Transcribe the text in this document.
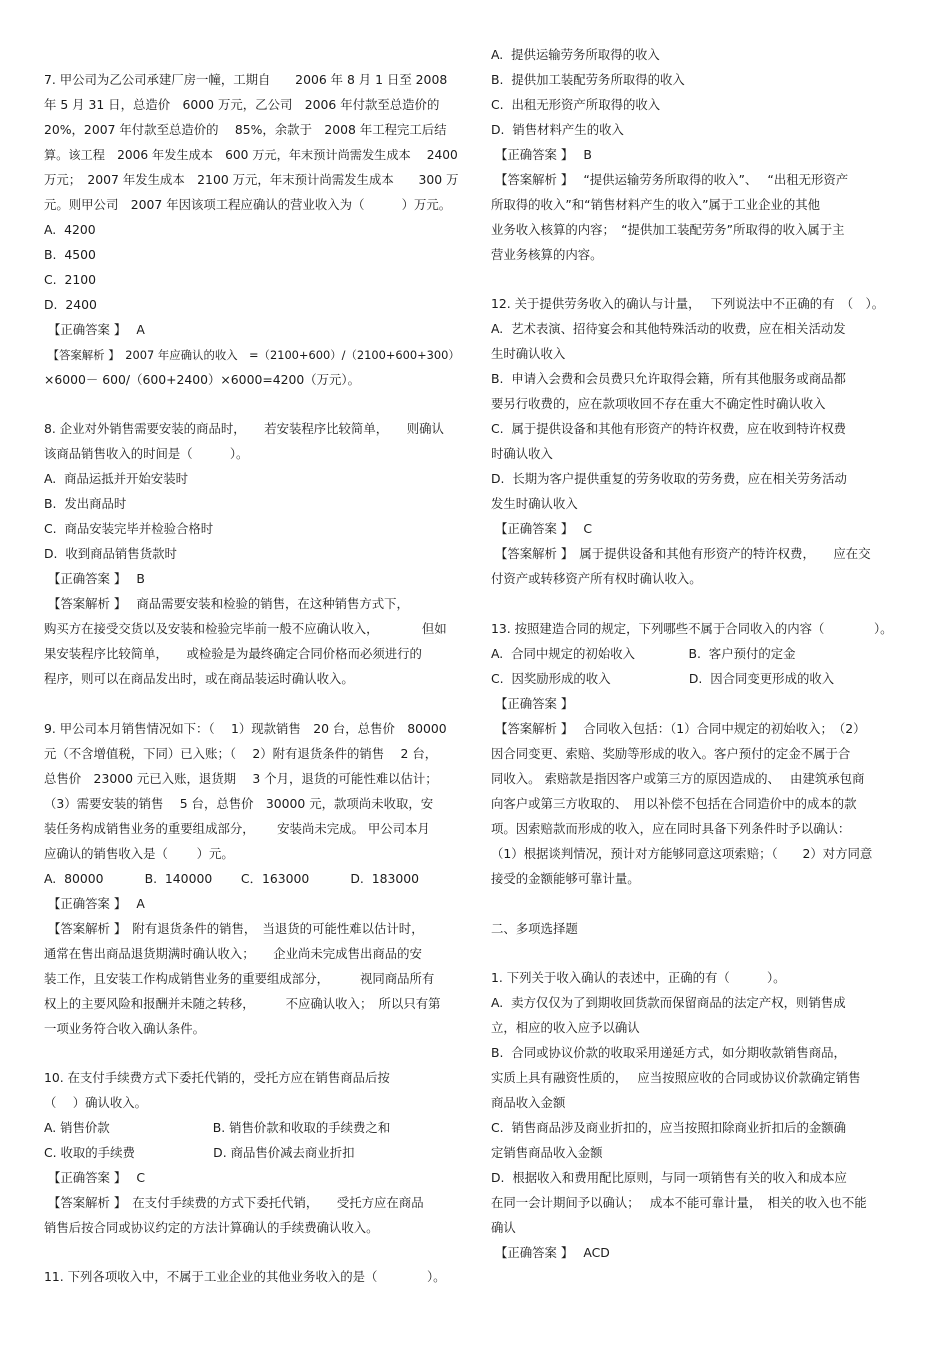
7. 甲公司为乙公司承建厂房一幢，工期自　　2006 年 8 月 1 日至 2008
年 5 月 31 日，总造价　6000 万元，乙公司　2006 年付款至总造价的
20%，2007 年付款至总造价的　 85%，余款于　2008 年工程完工后结
算。该工程　2006 年发生成本　600 万元，年末预计尚需发生成本　 2400
万元；　2007 年发生成本　2100 万元，年末预计尚需发生成本　　300 万
元。则甲公司　2007 年因该项工程应确认的营业收入为（　　　）万元。
A.  4200
B.  4500
C.  2100
D.  2400
【正确答案 】　 A
【答案解析 】　2007 年应确认的收入　=（2100+600）/（2100+600+300）
×6000－ 600/（600+2400）×6000=4200（万元）。
8. 企业对外销售需要安装的商品时，　　若安装程序比较简单，　　则确认
该商品销售收入的时间是（　　　）。
A.  商品运抵并开始安装时
B.  发出商品时
C.  商品安装完毕并检验合格时
D.  收到商品销售货款时
【正确答案 】　 B
【答案解析 】　 商品需要安装和检验的销售，在这种销售方式下，
购买方在接受交货以及安装和检验完毕前一般不应确认收入，　　　　但如
果安装程序比较简单，　　或检验是为最终确定合同价格而必须进行的
程序，则可以在商品发出时，或在商品装运时确认收入。
9. 甲公司本月销售情况如下：（　 1）现款销售　20 台，总售价　80000
元（不含增值税，下同）已入账；（　 2）附有退货条件的销售　 2 台，
总售价　23000 元已入账，退货期　 3 个月，退货的可能性难以估计；
（3）需要安装的销售　 5 台，总售价　30000 元，款项尚未收取，安
装任务构成销售业务的重要组成部分，　　 安装尚未完成。 甲公司本月
应确认的销售收入是（　　 ）元。
A.  80000　　　 B.  140000　　 C．163000　　　 D.  183000
【正确答案 】　 A
【答案解析 】　附有退货条件的销售，　当退货的可能性难以估计时，
通常在售出商品退货期满时确认收入；　　企业尚未完成售出商品的安
装工作，且安装工作构成销售业务的重要组成部分，　　　视同商品所有
权上的主要风险和报酬并未随之转移，　　　不应确认收入；　所以只有第
一项业务符合收入确认条件。
10. 在支付手续费方式下委托代销的，受托方应在销售商品后按
（　 ）确认收入。
A. 销售价款　　　　　　　　 B. 销售价款和收取的手续费之和
C. 收取的手续费　　　　　　 D. 商品售价减去商业折扣
【正确答案 】　 C
【答案解析 】　在支付手续费的方式下委托代销，　　受托方应在商品
销售后按合同或协议约定的方法计算确认的手续费确认收入。
11. 下列各项收入中，不属于工业企业的其他业务收入的是（　　　　）。
A.  提供运输劳务所取得的收入
B.  提供加工装配劳务所取得的收入
C.  出租无形资产所取得的收入
D.  销售材料产生的收入
【正确答案 】　 B
【答案解析 】　 “提供运输劳务所取得的收入”、　 “出租无形资产
所取得的收入”和“销售材料产生的收入”属于工业企业的其他
业务收入核算的内容；　“提供加工装配劳务”所取得的收入属于主
营业务核算的内容。
12. 关于提供劳务收入的确认与计量，　 下列说法中不正确的有　（　）。
A.  艺术表演、招待宴会和其他特殊活动的收费，应在相关活动发
生时确认收入
B.  申请入会费和会员费只允许取得会籍，所有其他服务或商品都
要另行收费的，应在款项收回不存在重大不确定性时确认收入
C.  属于提供设备和其他有形资产的特许权费，应在收到特许权费
时确认收入
D.  长期为客户提供重复的劳务收取的劳务费，应在相关劳务活动
发生时确认收入
【正确答案 】　 C
【答案解析 】　属于提供设备和其他有形资产的特许权费，　　应在交
付资产或转移资产所有权时确认收入。
13. 按照建造合同的规定，下列哪些不属于合同收入的内容（　　　　）。
A.  合同中规定的初始收入　　　　 B.  客户预付的定金
C.  因奖励形成的收入　　　　　　 D.  因合同变更形成的收入
【正确答案 】
【答案解析 】　 合同收入包括：（1）合同中规定的初始收入；　（2）
因合同变更、索赔、奖励等形成的收入。客户预付的定金不属于合
同收入。 索赔款是指因客户或第三方的原因造成的、　 由建筑承包商
向客户或第三方收取的、　用以补偿不包括在合同造价中的成本的款
项。因索赔款而形成的收入，应在同时具备下列条件时予以确认：
（1）根据谈判情况，预计对方能够同意这项索赔；（　　2）对方同意
接受的金额能够可靠计量。
二、多项选择题
1. 下列关于收入确认的表述中，正确的有（　　　）。
A.  卖方仅仅为了到期收回货款而保留商品的法定产权，则销售成
立，相应的收入应予以确认
B.  合同或协议价款的收取采用递延方式，如分期收款销售商品，
实质上具有融资性质的，　 应当按照应收的合同或协议价款确定销售
商品收入金额
C.  销售商品涉及商业折扣的，应当按照扣除商业折扣后的金额确
定销售商品收入金额
D.  根据收入和费用配比原则，与同一项销售有关的收入和成本应
在同一会计期间予以确认；　 成本不能可靠计量，　相关的收入也不能
确认
【正确答案 】　 ACD
